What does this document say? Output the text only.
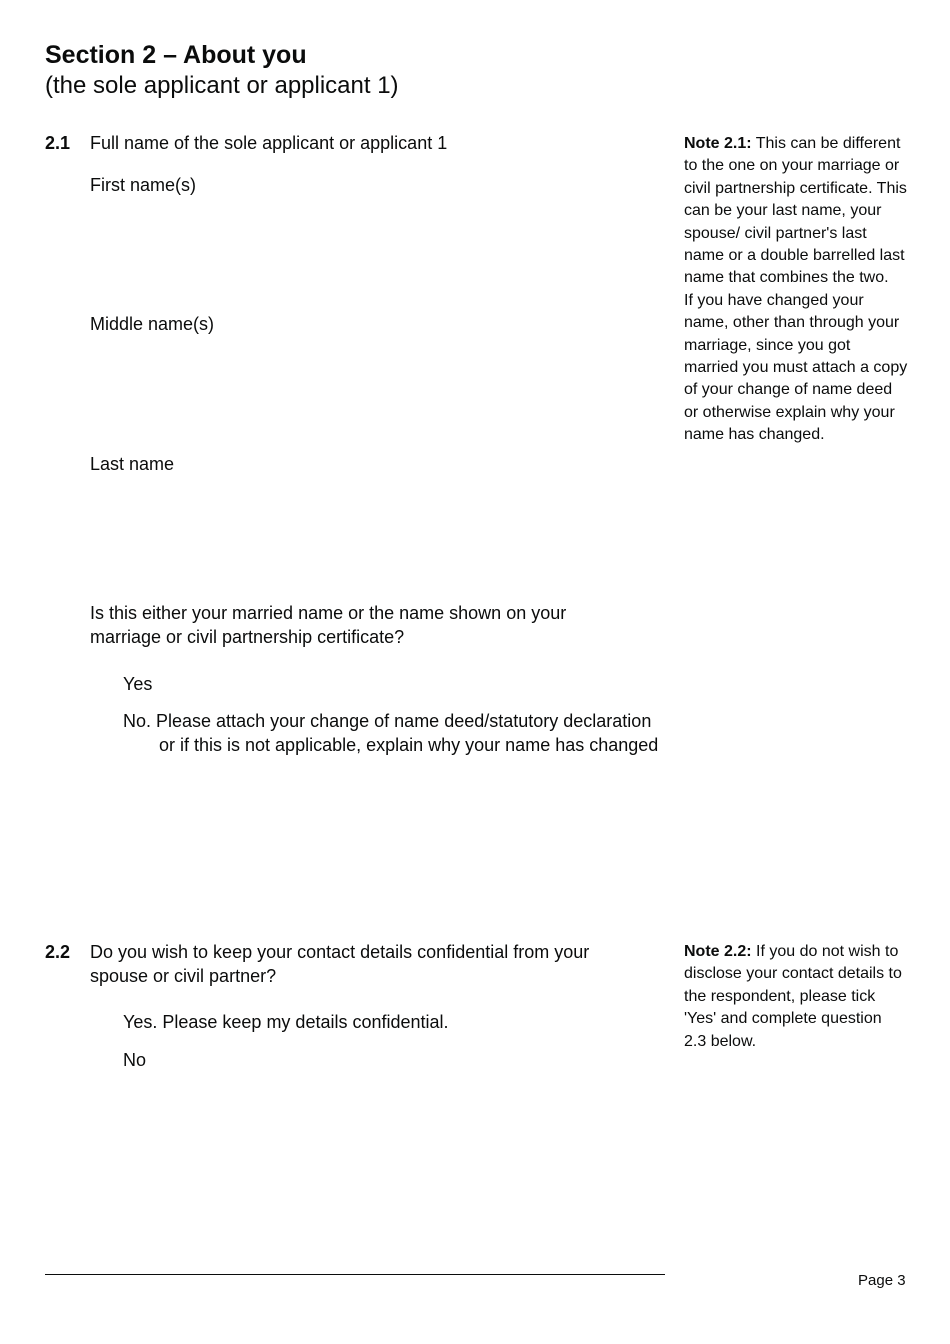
Section 2 – About you
(the sole applicant or applicant 1)
2.1 Full name of the sole applicant or applicant 1
First name(s)
Middle name(s)
Last name
Is this either your married name or the name shown on your marriage or civil partnership certificate?
Yes
No. Please attach your change of name deed/statutory declaration or if this is not applicable, explain why your name has changed
Note 2.1: This can be different to the one on your marriage or civil partnership certificate. This can be your last name, your spouse/ civil partner's last name or a double barrelled last name that combines the two.
If you have changed your name, other than through your marriage, since you got married you must attach a copy of your change of name deed or otherwise explain why your name has changed.
2.2 Do you wish to keep your contact details confidential from your spouse or civil partner?
Yes. Please keep my details confidential.
No
Note 2.2: If you do not wish to disclose your contact details to the respondent, please tick 'Yes' and complete question 2.3 below.
Page 3
